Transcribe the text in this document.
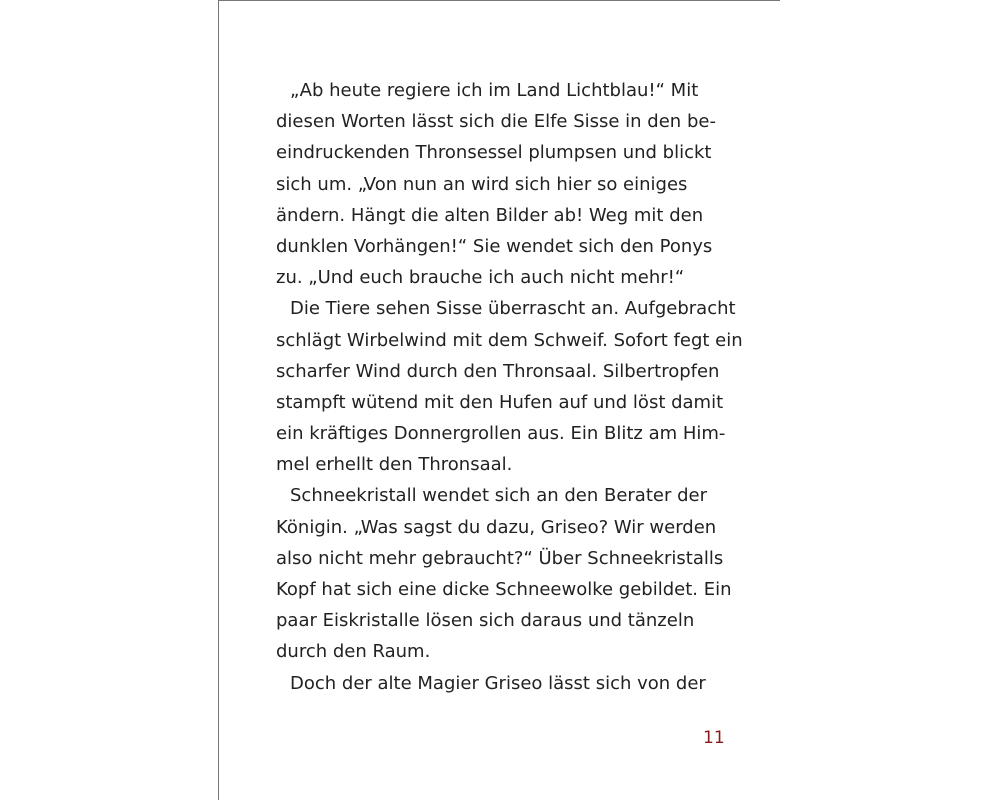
„Ab heute regiere ich im Land Lichtblau!“ Mit
diesen Worten lässt sich die Elfe Sisse in den be-
eindruckenden Thronsessel plumpsen und blickt
sich um. „Von nun an wird sich hier so einiges
ändern. Hängt die alten Bilder ab! Weg mit den
dunklen Vorhängen!“ Sie wendet sich den Ponys
zu. „Und euch brauche ich auch nicht mehr!“
Die Tiere sehen Sisse überrascht an. Aufgebracht
schlägt Wirbelwind mit dem Schweif. Sofort fegt ein
scharfer Wind durch den Thronsaal. Silbertropfen
stampft wütend mit den Hufen auf und löst damit
ein kräftiges Donnergrollen aus. Ein Blitz am Him-
mel erhellt den Thronsaal.
Schneekristall wendet sich an den Berater der
Königin. „Was sagst du dazu, Griseo? Wir werden
also nicht mehr gebraucht?“ Über Schneekristalls
Kopf hat sich eine dicke Schneewolke gebildet. Ein
paar Eiskristalle lösen sich daraus und tänzeln
durch den Raum.
Doch der alte Magier Griseo lässt sich von der
11
